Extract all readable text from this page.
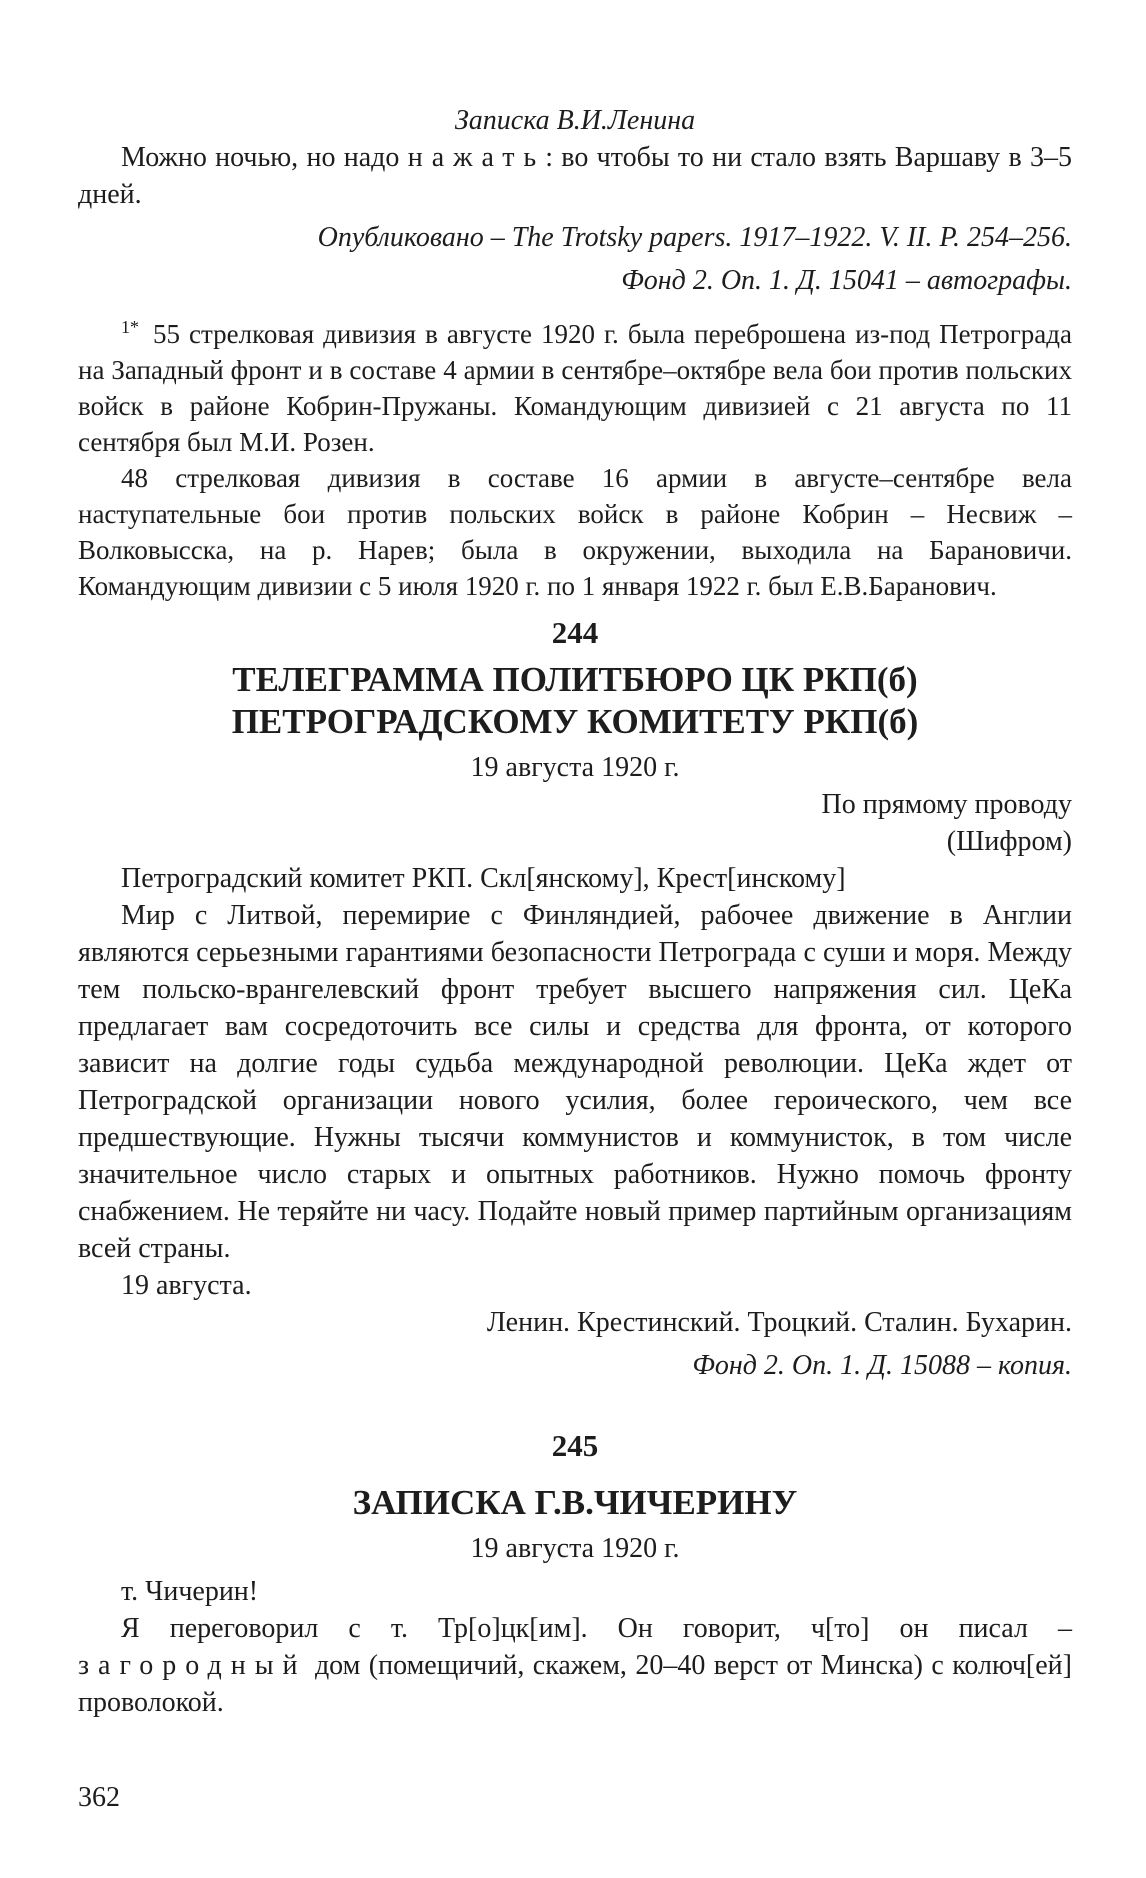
Записка В.И.Ленина

Можно ночью, но надо нажать: во чтобы то ни стало взять Варшаву в 3–5 дней.

Опубликовано – The Trotsky papers. 1917–1922. V. II. P. 254–256.

Фонд 2. Оп. 1. Д. 15041 – автографы.

$^{1*}$ 55 стрелковая дивизия в августе 1920 г. была переброшена из-под Петрограда на Западный фронт и в составе 4 армии в сентябре–октябре вела бои против польских войск в районе Кобрин-Пружаны. Командующим дивизией с 21 августа по 11 сентября был М.И. Розен.

48 стрелковая дивизия в составе 16 армии в августе–сентябре вела наступательные бои против польских войск в районе Кобрин – Несвиж – Волковысска, на р. Нарев; была в окружении, выходила на Барановичи. Командующим дивизии с 5 июля 1920 г. по 1 января 1922 г. был Е.В.Баранович.

244

ТЕЛЕГРАММА ПОЛИТБЮРО ЦК РКП(б)

ПЕТРОГРАДСКОМУ КОМИТЕТУ РКП(б)

19 августа 1920 г.

По прямому проводу

(Шифром)

Петроградский комитет РКП. Скл[янскому], Крест[инскому]

Мир с Литвой, перемирие с Финляндией, рабочее движение в Англии являются серьезными гарантиями безопасности Петрограда с суши и моря. Между тем польско-врангелевский фронт требует высшего напряжения сил. ЦеКа предлагает вам сосредоточить все силы и средства для фронта, от которого зависит на долгие годы судьба международной революции. ЦеКа ждет от Петроградской организации нового усилия, более героического, чем все предшествующие. Нужны тысячи коммунистов и коммунисток, в том числе значительное число старых и опытных работников. Нужно помочь фронту снабжением. Не теряйте ни часу. Подайте новый пример партийным организациям всей страны.

19 августа.

Ленин. Крестинский. Троцкий. Сталин. Бухарин.

Фонд 2. Оп. 1. Д. 15088 – копия.

245

ЗАПИСКА Г.В.ЧИЧЕРИНУ

19 августа 1920 г.

т. Чичерин!

Я переговорил с т. Тр[о]цк[им]. Он говорит, ч[то] он писал – загородный дом (помещичий, скажем, 20–40 верст от Минска) с колюч[ей] проволокой.

362
